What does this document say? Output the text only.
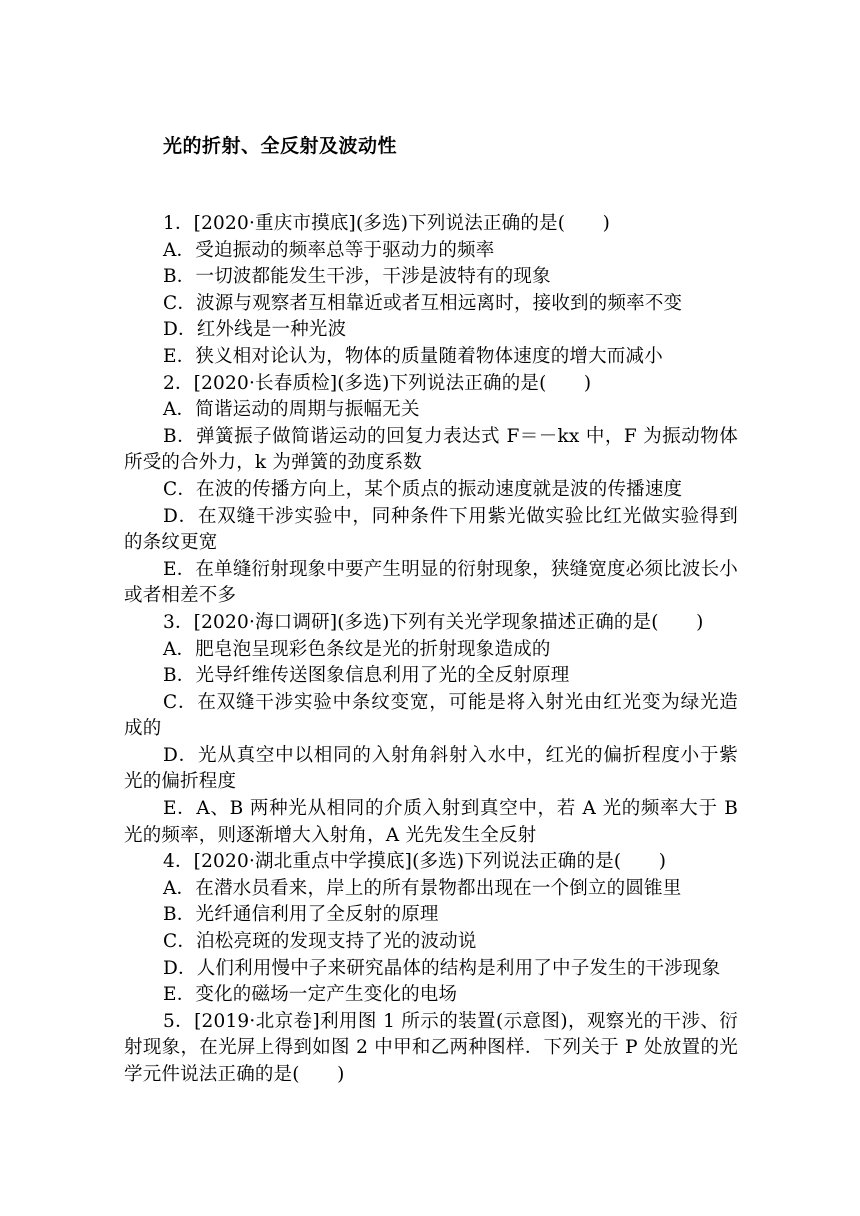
光的折射、全反射及波动性

1．[2020·重庆市摸底](多选)下列说法正确的是(　　)

A．受迫振动的频率总等于驱动力的频率

B．一切波都能发生干涉，干涉是波特有的现象

C．波源与观察者互相靠近或者互相远离时，接收到的频率不变

D．红外线是一种光波

E．狭义相对论认为，物体的质量随着物体速度的增大而减小

2．[2020·长春质检](多选)下列说法正确的是(　　)

A．简谐运动的周期与振幅无关

B．弹簧振子做简谐运动的回复力表达式 F＝－kx 中，F 为振动物体所受的合外力，k 为弹簧的劲度系数

C．在波的传播方向上，某个质点的振动速度就是波的传播速度

D．在双缝干涉实验中，同种条件下用紫光做实验比红光做实验得到的条纹更宽

E．在单缝衍射现象中要产生明显的衍射现象，狭缝宽度必须比波长小或者相差不多

3．[2020·海口调研](多选)下列有关光学现象描述正确的是(　　)

A．肥皂泡呈现彩色条纹是光的折射现象造成的

B．光导纤维传送图象信息利用了光的全反射原理

C．在双缝干涉实验中条纹变宽，可能是将入射光由红光变为绿光造成的

D．光从真空中以相同的入射角斜射入水中，红光的偏折程度小于紫光的偏折程度

E．A、B 两种光从相同的介质入射到真空中，若 A 光的频率大于 B 光的频率，则逐渐增大入射角，A 光先发生全反射

4．[2020·湖北重点中学摸底](多选)下列说法正确的是(　　)

A．在潜水员看来，岸上的所有景物都出现在一个倒立的圆锥里

B．光纤通信利用了全反射的原理

C．泊松亮斑的发现支持了光的波动说

D．人们利用慢中子来研究晶体的结构是利用了中子发生的干涉现象

E．变化的磁场一定产生变化的电场

5．[2019·北京卷]利用图 1 所示的装置(示意图)，观察光的干涉、衍射现象，在光屏上得到如图 2 中甲和乙两种图样．下列关于 P 处放置的光学元件说法正确的是(　　)
